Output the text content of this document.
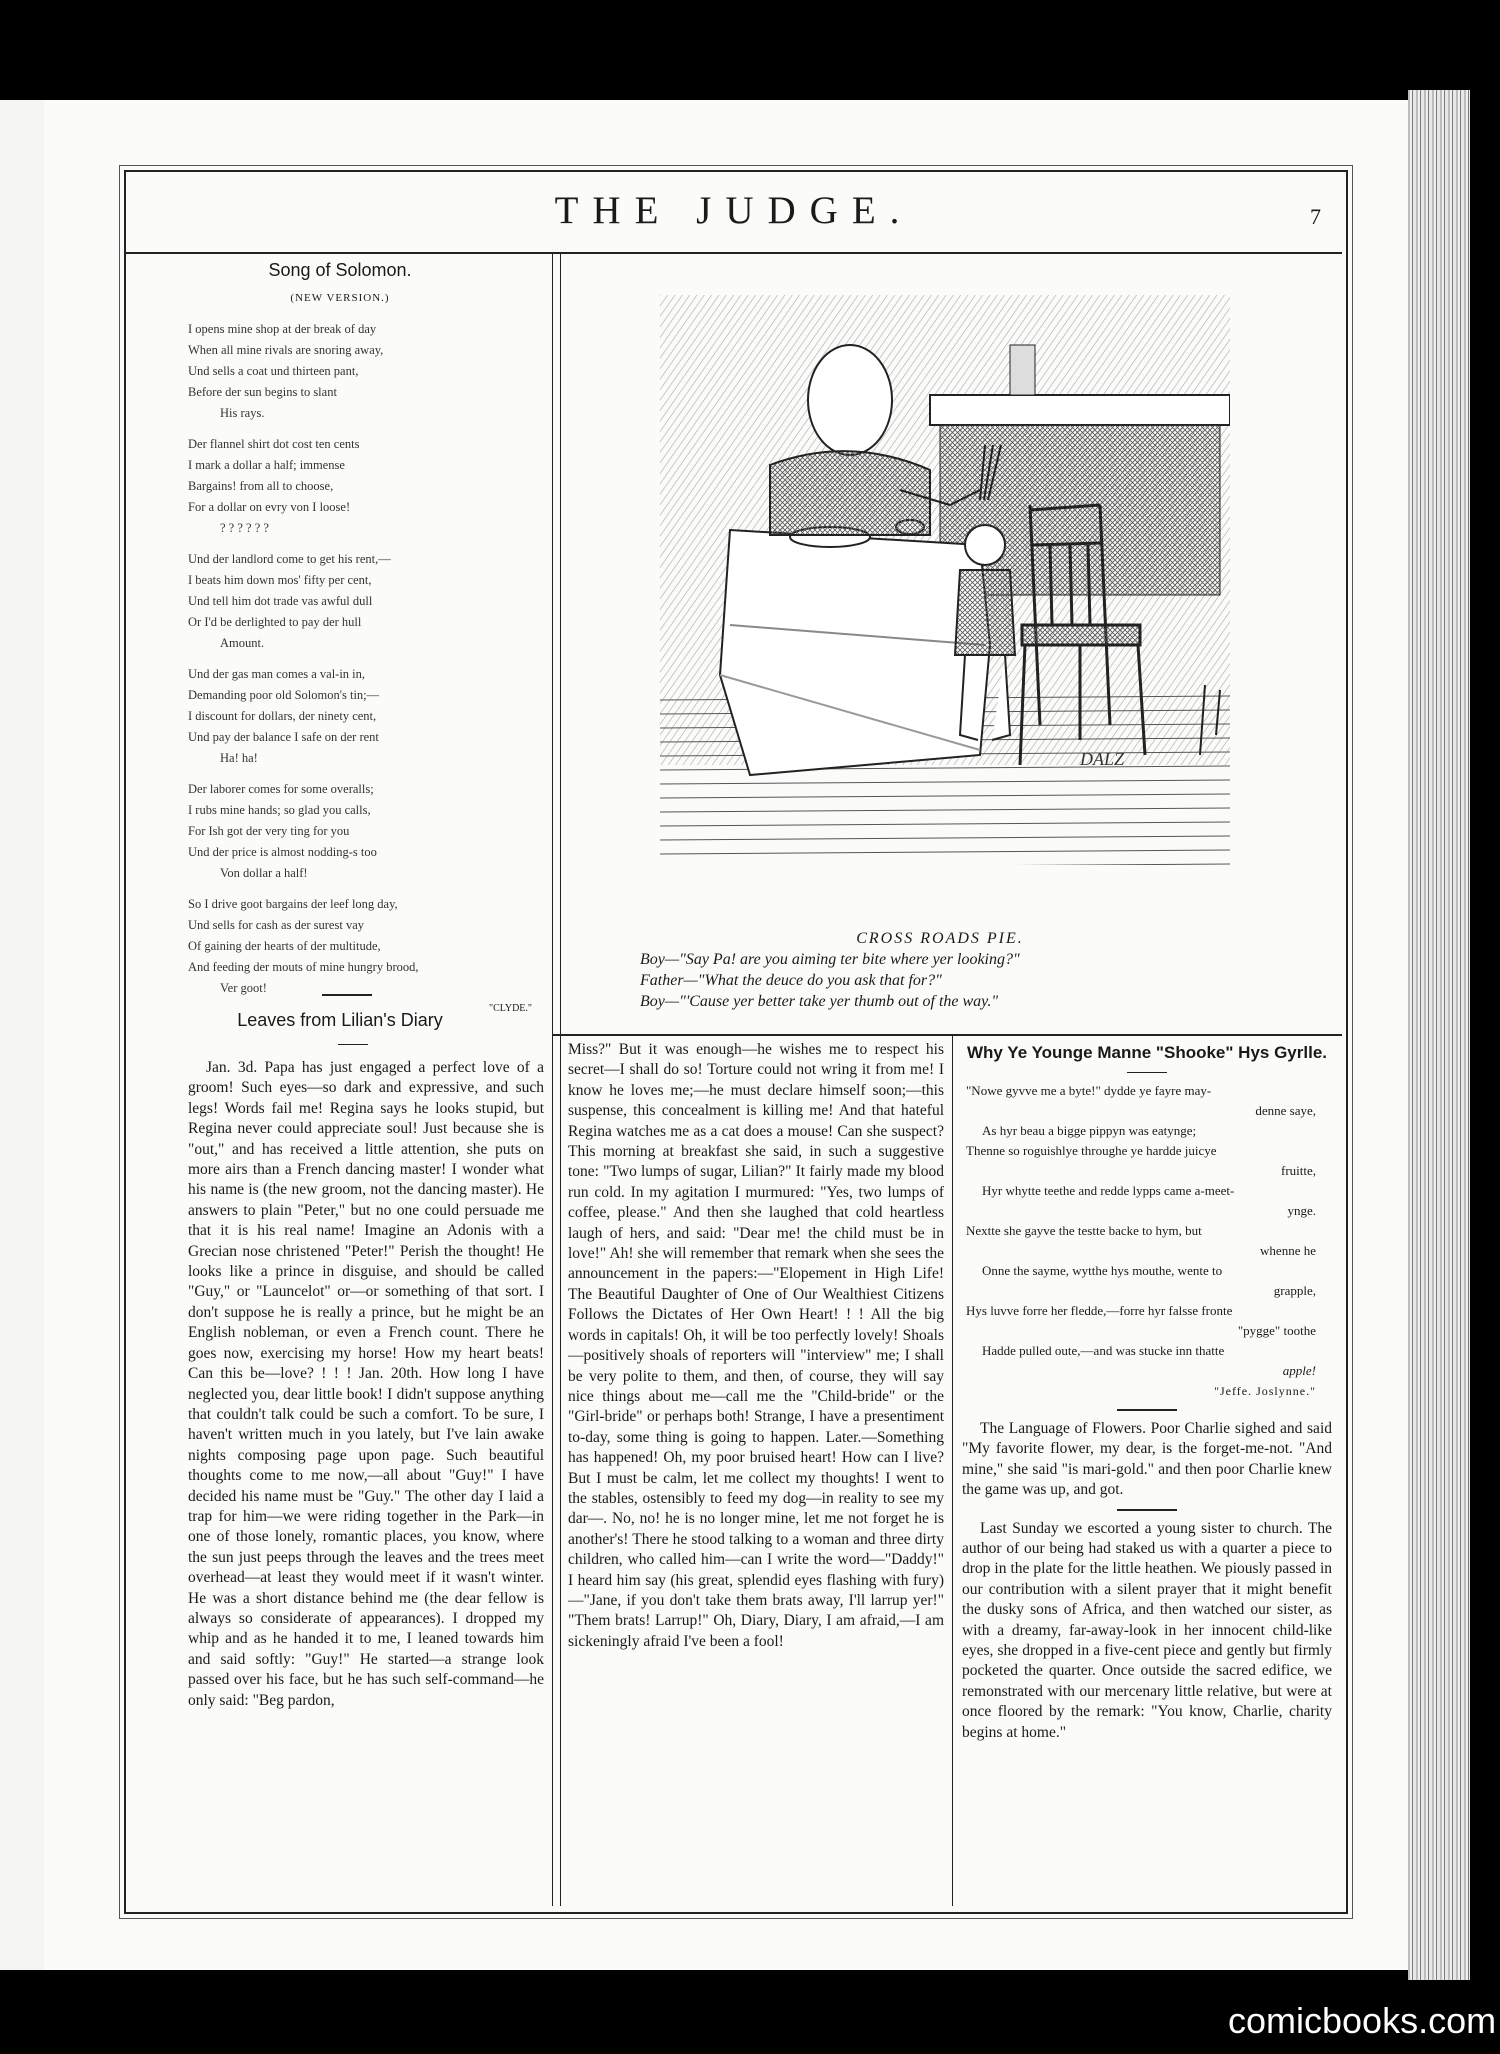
THE JUDGE.	7

Song of Solomon.

(NEW VERSION.)
I opens mine shop at der break of day
When all mine rivals are snoring away,
Und sells a coat und thirteen pant,
Before der sun begins to slant
His rays.
Der flannel shirt dot cost ten cents
I mark a dollar a half; immense
Bargains! from all to choose,
For a dollar on evry von I loose!
? ? ? ? ? ?
Und der landlord come to get his rent,—
I beats him down mos' fifty per cent,
Und tell him dot trade vas awful dull
Or I'd be derlighted to pay der hull
Amount.
Und der gas man comes a val-in in,
Demanding poor old Solomon's tin;—
I discount for dollars, der ninety cent,
Und pay der balance I safe on der rent
Ha! ha!
Der laborer comes for some overalls;
I rubs mine hands; so glad you calls,
For Ish got der very ting for you
Und der price is almost nodding-s too
Von dollar a half!
So I drive goot bargains der leef long day,
Und sells for cash as der surest vay
Of gaining der hearts of der multitude,
And feeding der mouts of mine hungry brood,
Ver goot!
"CLYDE."
Leaves from Lilian's Diary

Jan. 3d. Papa has just engaged a perfect love of a groom! Such eyes—so dark and expressive, and such legs! Words fail me! Regina says he looks stupid, but Regina never could appreciate soul! Just because she is "out," and has received a little attention, she puts on more airs than a French dancing master! I wonder what his name is (the new groom, not the dancing master). He answers to plain "Peter," but no one could persuade me that it is his real name! Imagine an Adonis with a Grecian nose christened "Peter!" Perish the thought! He looks like a prince in disguise, and should be called "Guy," or "Launcelot" or—or something of that sort. I don't suppose he is really a prince, but he might be an English nobleman, or even a French count. There he goes now, exercising my horse! How my heart beats! Can this be—love? ! ! ! Jan. 20th. How long I have neglected you, dear little book! I didn't suppose anything that couldn't talk could be such a comfort. To be sure, I haven't written much in you lately, but I've lain awake nights composing page upon page. Such beautiful thoughts come to me now,—all about "Guy!" I have decided his name must be "Guy." The other day I laid a trap for him—we were riding together in the Park—in one of those lonely, romantic places, you know, where the sun just peeps through the leaves and the trees meet overhead—at least they would meet if it wasn't winter. He was a short distance behind me (the dear fellow is always so considerate of appearances). I dropped my whip and as he handed it to me, I leaned towards him and said softly: "Guy!" He started—a strange look passed over his face, but he has such self-command—he only said: "Beg pardon,

Miss?" But it was enough—he wishes me to respect his secret—I shall do so! Torture could not wring it from me! I know he loves me;—he must declare himself soon;—this suspense, this concealment is killing me! And that hateful Regina watches me as a cat does a mouse! Can she suspect? This morning at breakfast she said, in such a suggestive tone: "Two lumps of sugar, Lilian?" It fairly made my blood run cold. In my agitation I murmured: "Yes, two lumps of coffee, please." And then she laughed that cold heartless laugh of hers, and said: "Dear me! the child must be in love!" Ah! she will remember that remark when she sees the announcement in the papers:—"Elopement in High Life! The Beautiful Daughter of One of Our Wealthiest Citizens Follows the Dictates of Her Own Heart! ! ! All the big words in capitals! Oh, it will be too perfectly lovely! Shoals—positively shoals of reporters will "interview" me; I shall be very polite to them, and then, of course, they will say nice things about me—call me the "Child-bride" or the "Girl-bride" or perhaps both! Strange, I have a presentiment to-day, some thing is going to happen. Later.—Something has happened! Oh, my poor bruised heart! How can I live? But I must be calm, let me collect my thoughts! I went to the stables, ostensibly to feed my dog—in reality to see my dar—. No, no! he is no longer mine, let me not forget he is another's! There he stood talking to a woman and three dirty children, who called him—can I write the word—"Daddy!" I heard him say (his great, splendid eyes flashing with fury)—"Jane, if you don't take them brats away, I'll larrup yer!" "Them brats! Larrup!" Oh, Diary, Diary, I am afraid,—I am sickeningly afraid I've been a fool!

DALZ
CROSS ROADS PIE.
Boy—"Say Pa! are you aiming ter bite where yer looking?"
Father—"What the deuce do you ask that for?"
Boy—"'Cause yer better take yer thumb out of the way."
Why Ye Younge Manne "Shooke" Hys Gyrlle.
"Nowe gyvve me a byte!" dydde ye fayre may-
denne saye,
As hyr beau a bigge pippyn was eatynge;
Thenne so roguishlye throughe ye hardde juicye
fruitte,
Hyr whytte teethe and redde lypps came a-meet-
ynge.
Nextte she gayve the testte backe to hym, but
whenne he
Onne the sayme, wytthe hys mouthe, wente to
grapple,
Hys luvve forre her fledde,—forre hyr falsse fronte
"pygge" toothe
Hadde pulled oute,—and was stucke inn thatte
apple!
"Jeffe. Joslynne."

The Language of Flowers. Poor Charlie sighed and said "My favorite flower, my dear, is the forget-me-not. "And mine," she said "is mari-gold." and then poor Charlie knew the game was up, and got.

Last Sunday we escorted a young sister to church. The author of our being had staked us with a quarter a piece to drop in the plate for the little heathen. We piously passed in our contribution with a silent prayer that it might benefit the dusky sons of Africa, and then watched our sister, as with a dreamy, far-away-look in her innocent child-like eyes, she dropped in a five-cent piece and gently but firmly pocketed the quarter. Once outside the sacred edifice, we remonstrated with our mercenary little relative, but were at once floored by the remark: "You know, Charlie, charity begins at home."

comicbooks.com
